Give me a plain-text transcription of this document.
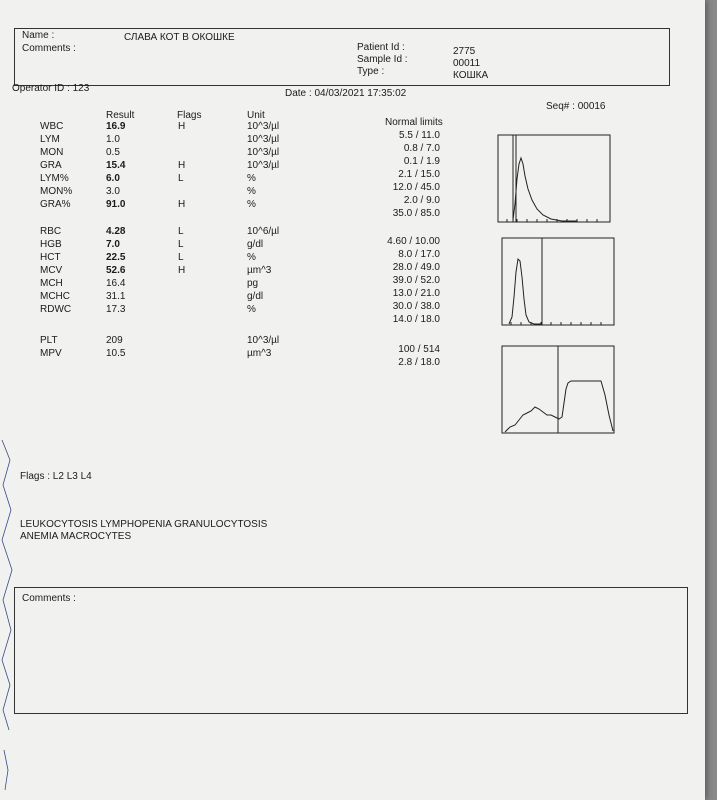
Name :	СЛАВА КОТ В ОКОШКЕ
Comments :	Patient Id :	2775
Sample Id :	00011
Type :	КОШКА
Operator ID : 123	Date : 04/03/2021 17:35:02
Seq# : 00016
Result	Flags	Unit
Normal limits
WBC	16.9	H	10^3/µl
5.5 / 11.0
LYM	1.0	10^3/µl
0.8 / 7.0
MON	0.5	10^3/µl
0.1 / 1.9
GRA	15.4	H	10^3/µl
2.1 / 15.0
LYM%	6.0	L	%
12.0 / 45.0
MON%	3.0	%
2.0 / 9.0
GRA%	91.0	H	%
35.0 / 85.0
RBC	4.28	L	10^6/µl
4.60 / 10.00
HGB	7.0	L	g/dl
8.0 / 17.0
HCT	22.5	L	%
28.0 / 49.0
MCV	52.6	H	µm^3
39.0 / 52.0
MCH	16.4	pg
13.0 / 21.0
MCHC	31.1	g/dl
30.0 / 38.0
RDWC	17.3	%
14.0 / 18.0
PLT	209	10^3/µl
100 / 514
MPV	10.5	µm^3
2.8 / 18.0
Flags : L2 L3 L4
LEUKOCYTOSIS LYMPHOPENIA GRANULOCYTOSIS
ANEMIA MACROCYTES
Comments :
